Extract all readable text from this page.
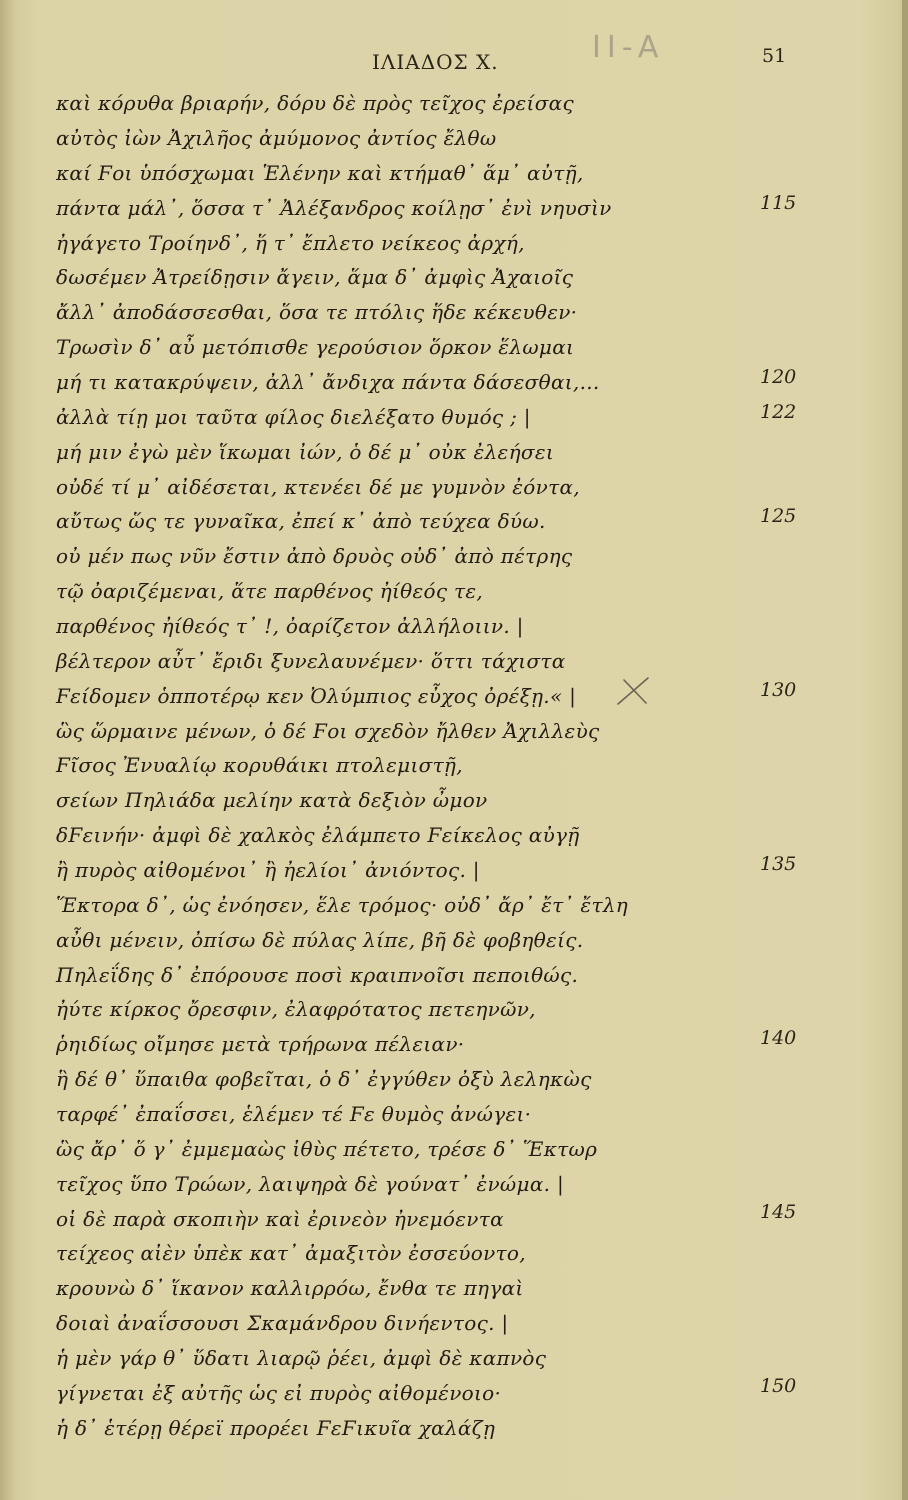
ΙΛΙΑΔΟΣ Χ.	II-A	51
καὶ κόρυθα βριαρήν, δόρυ δὲ πρὸς τεῖχος ἐρείσας
αὐτὸς ἰὼν Ἀχιλῆος ἀμύμονος ἀντίος ἔλθω
καί Ϝοι ὑπόσχωμαι Ἑλένην καὶ κτήμαθ᾽ ἅμ᾽ αὐτῇ,
πάντα μάλ᾽, ὅσσα τ᾽ Ἀλέξανδρος κοίλῃσ᾽ ἐνὶ νηυσὶν
ἠγάγετο Τροίηνδ᾽, ἥ τ᾽ ἔπλετο νείκεος ἀρχή,
δωσέμεν Ἀτρείδῃσιν ἄγειν, ἅμα δ᾽ ἀμφὶς Ἀχαιοῖς
ἄλλ᾽ ἀποδάσσεσθαι, ὅσα τε πτόλις ἥδε κέκευθεν·
Τρωσὶν δ᾽ αὖ μετόπισθε γερούσιον ὅρκον ἕλωμαι
μή τι κατακρύψειν, ἀλλ᾽ ἄνδιχα πάντα δάσεσθαι,...
ἀλλὰ τίῃ μοι ταῦτα φίλος διελέξατο θυμός ; |
μή μιν ἐγὼ μὲν ἵκωμαι ἰών, ὁ δέ μ᾽ οὐκ ἐλεήσει
οὐδέ τί μ᾽ αἰδέσεται, κτενέει δέ με γυμνὸν ἐόντα,
αὔτως ὥς τε γυναῖκα, ἐπεί κ᾽ ἀπὸ τεύχεα δύω.
οὐ μέν πως νῦν ἔστιν ἀπὸ δρυὸς οὐδ᾽ ἀπὸ πέτρης
τῷ ὀαριζέμεναι, ἅτε παρθένος ἠίθεός τε,
παρθένος ἠίθεός τ᾽ !, ὀαρίζετον ἀλλήλοιιν. |
βέλτερον αὖτ᾽ ἔριδι ξυνελαυνέμεν· ὅττι τάχιστα
Ϝείδομεν ὁπποτέρῳ κεν Ὀλύμπιος εὖχος ὀρέξῃ.« |
ὣς ὥρμαινε μένων, ὁ δέ Ϝοι σχεδὸν ἤλθεν Ἀχιλλεὺς
Ϝῖσος Ἐνυαλίῳ κορυθάικι πτολεμιστῇ,
σείων Πηλιάδα μελίην κατὰ δεξιὸν ὦμον
δϜεινήν· ἀμφὶ δὲ χαλκὸς ἐλάμπετο Ϝείκελος αὐγῇ
ἢ πυρὸς αἰθομένοι᾽ ἢ ἠελίοι᾽ ἀνιόντος. |
Ἕκτορα δ᾽, ὡς ἐνόησεν, ἕλε τρόμος· οὐδ᾽ ἄρ᾽ ἔτ᾽ ἔτλη
αὖθι μένειν, ὀπίσω δὲ πύλας λίπε, βῆ δὲ φοβηθείς.
Πηλεΐδης δ᾽ ἐπόρουσε ποσὶ κραιπνοῖσι πεποιθώς.
ἠύτε κίρκος ὄρεσφιν, ἐλαφρότατος πετεηνῶν,
ῥηιδίως οἴμησε μετὰ τρήρωνα πέλειαν·
ἣ δέ θ᾽ ὕπαιθα φοβεῖται, ὁ δ᾽ ἐγγύθεν ὀξὺ λεληκὼς
ταρφέ᾽ ἐπαΐσσει, ἑλέμεν τέ Ϝε θυμὸς ἀνώγει·
ὣς ἄρ᾽ ὅ γ᾽ ἐμμεμαὼς ἰθὺς πέτετο, τρέσε δ᾽ Ἕκτωρ
τεῖχος ὕπο Τρώων, λαιψηρὰ δὲ γούνατ᾽ ἐνώμα. |
οἱ δὲ παρὰ σκοπιὴν καὶ ἐρινεὸν ἠνεμόεντα
τείχεος αἰὲν ὑπὲκ κατ᾽ ἀμαξιτὸν ἐσσεύοντο,
κρουνὼ δ᾽ ἵκανον καλλιρρόω, ἔνθα τε πηγαὶ
δοιαὶ ἀναΐσσουσι Σκαμάνδρου δινήεντος. |
ἡ μὲν γάρ θ᾽ ὕδατι λιαρῷ ῥέει, ἀμφὶ δὲ καπνὸς
γίγνεται ἐξ αὐτῆς ὡς εἰ πυρὸς αἰθομένοιο·
ἡ δ᾽ ἑτέρῃ θέρεϊ προρέει ϜεϜικυῖα χαλάζῃ
115
120
122
125
130
135
140
145
150
